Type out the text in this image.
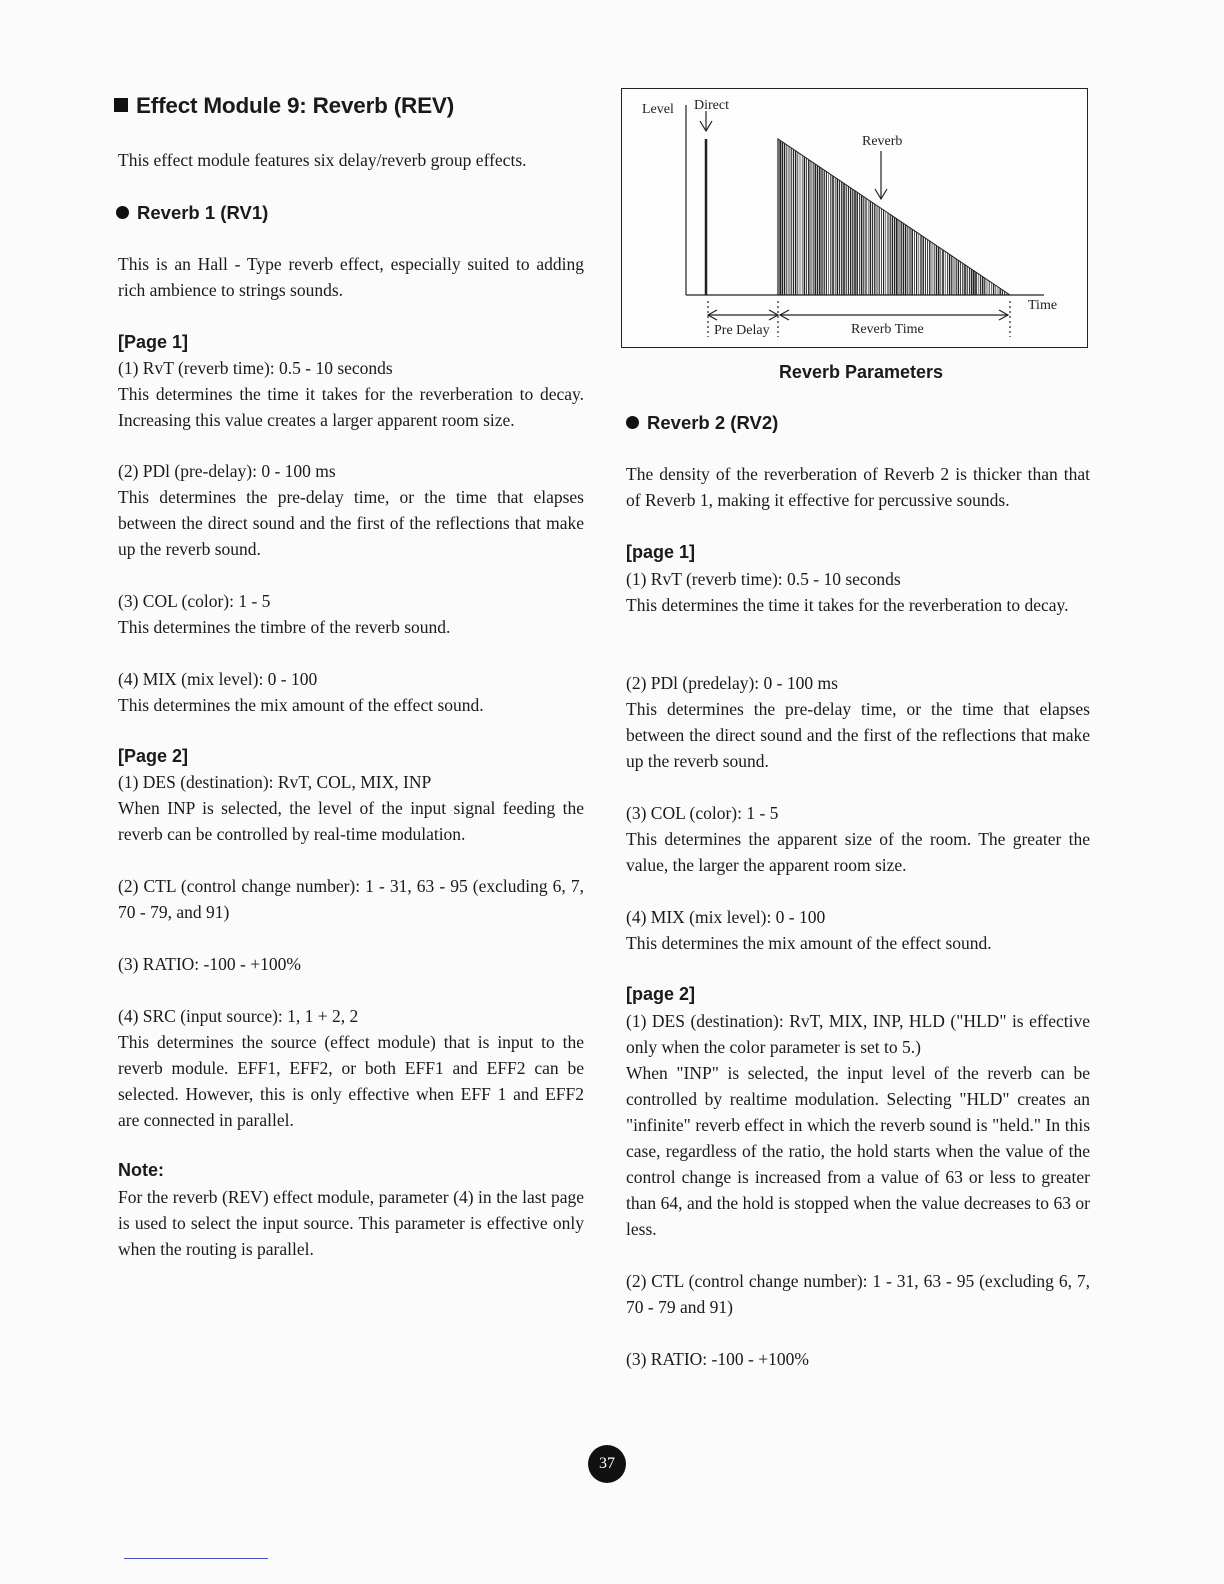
Effect Module 9: Reverb (REV)
This effect module features six delay/reverb group effects.
Reverb 1 (RV1)
This is an Hall - Type reverb effect, especially suited to adding rich ambience to strings sounds.
[Page 1]

(1) RvT (reverb time): 0.5 - 10 seconds

This determines the time it takes for the reverberation to decay. Increasing this value creates a larger apparent room size.

(2) PDl (pre-delay): 0 - 100 ms

This determines the pre-delay time, or the time that elapses between the direct sound and the first of the reflections that make up the reverb sound.

(3) COL (color): 1 - 5

This determines the timbre of the reverb sound.

(4) MIX (mix level): 0 - 100

This determines the mix amount of the effect sound.

[Page 2]

(1) DES (destination): RvT, COL, MIX, INP

When INP is selected, the level of the input signal feeding the reverb can be controlled by real-time modulation.

(2) CTL (control change number): 1 - 31, 63 - 95 (excluding 6, 7, 70 - 79, and 91)

(3) RATIO: -100 - +100%

(4) SRC (input source): 1, 1 + 2, 2

This determines the source (effect module) that is input to the reverb module. EFF1, EFF2, or both EFF1 and EFF2 can be selected. However, this is only effective when EFF 1 and EFF2 are connected in parallel.

Note:
For the reverb (REV) effect module, parameter (4) in the last page is used to select the input source. This parameter is effective only when the routing is parallel.
Level Direct
Reverb
Time
Pre Delay	Reverb Time
Reverb Parameters
Reverb 2 (RV2)
The density of the reverberation of Reverb 2 is thicker than that of Reverb 1, making it effective for percussive sounds.
[page 1]

(1) RvT (reverb time): 0.5 - 10 seconds

This determines the time it takes for the reverberation to decay.

(2) PDl (predelay): 0 - 100 ms

This determines the pre-delay time, or the time that elapses between the direct sound and the first of the reflections that make up the reverb sound.

(3) COL (color): 1 - 5

This determines the apparent size of the room. The greater the value, the larger the apparent room size.

(4) MIX (mix level): 0 - 100

This determines the mix amount of the effect sound.

[page 2]

(1) DES (destination): RvT, MIX, INP, HLD ("HLD" is effective only when the color parameter is set to 5.)

When "INP" is selected, the input level of the reverb can be controlled by realtime modulation. Selecting "HLD" creates an "infinite" reverb effect in which the reverb sound is "held." In this case, regardless of the ratio, the hold starts when the value of the control change is increased from a value of 63 or less to greater than 64, and the hold is stopped when the value decreases to 63 or less.

(2) CTL (control change number): 1 - 31, 63 - 95 (excluding 6, 7, 70 - 79 and 91)

(3) RATIO: -100 - +100%

37
